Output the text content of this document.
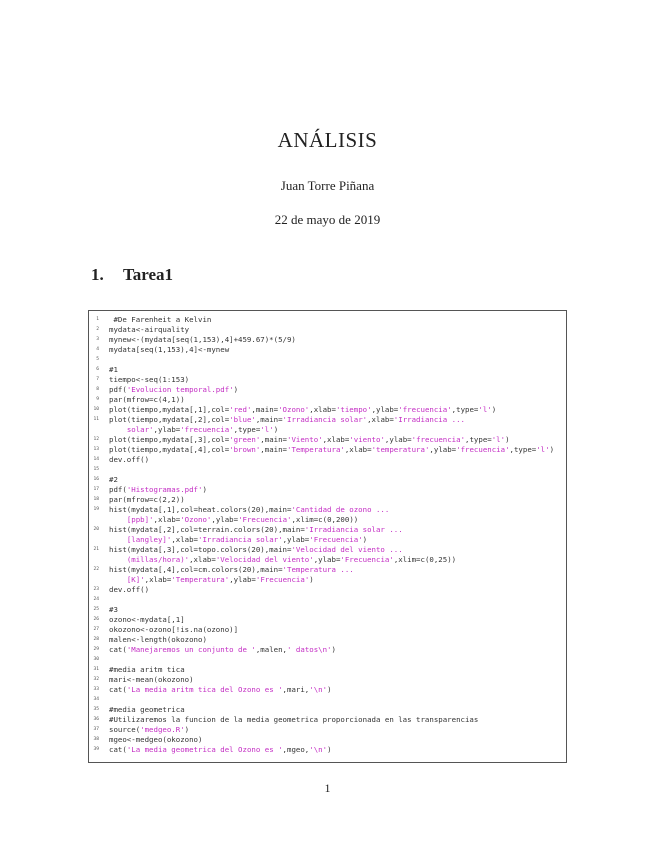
ANÁLISIS
Juan Torre Piñana
22 de mayo de 2019
1. Tarea1
1 #De Farenheit a Kelvin
2 mydata<-airquality
3 mynew<-(mydata[seq(1,153),4]+459.67)*(5/9)
4 mydata[seq(1,153),4]<-mynew
5
6 #1
7 tiempo<-seq(1:153)
8 pdf('Evolucion temporal.pdf')
9 par(mfrow=c(4,1))
10 plot(tiempo,mydata[,1],col='red',main='Ozono',xlab='tiempo',ylab='frecuencia',type='l')
11 plot(tiempo,mydata[,2],col='blue',main='Irradiancia solar',xlab='Irradiancia ...
solar',ylab='frecuencia',type='l')
12 plot(tiempo,mydata[,3],col='green',main='Viento',xlab='viento',ylab='frecuencia',type='l')
13 plot(tiempo,mydata[,4],col='brown',main='Temperatura',xlab='temperatura',ylab='frecuencia',type='l')
14 dev.off()
15
16 #2
17 pdf('Histogramas.pdf')
18 par(mfrow=c(2,2))
19 hist(mydata[,1],col=heat.colors(20),main='Cantidad de ozono ...
[ppb]',xlab='Ozono',ylab='Frecuencia',xlim=c(0,200))
20 hist(mydata[,2],col=terrain.colors(20),main='Irradiancia solar ...
[langley]',xlab='Irradiancia solar',ylab='Frecuencia')
21 hist(mydata[,3],col=topo.colors(20),main='Velocidad del viento ...
(millas/hora)',xlab='Velocidad del viento',ylab='Frecuencia',xlim=c(0,25))
22 hist(mydata[,4],col=cm.colors(20),main='Temperatura ...
[K]',xlab='Temperatura',ylab='Frecuencia')
23 dev.off()
24
25 #3
26 ozono<-mydata[,1]
27 okozono<-ozono[!is.na(ozono)]
28 malen<-length(okozono)
29 cat('Manejaremos un conjunto de ',malen,' datos\n')
30
31 #media aritm tica
32 mari<-mean(okozono)
33 cat('La media aritm tica del Ozono es ',mari,'\n')
34
35 #media geometrica
36 #Utilizaremos la funcion de la media geometrica proporcionada en las transparencias
37 source('medgeo.R')
38 mgeo<-medgeo(okozono)
39 cat('La media geometrica del Ozono es ',mgeo,'\n')
1
